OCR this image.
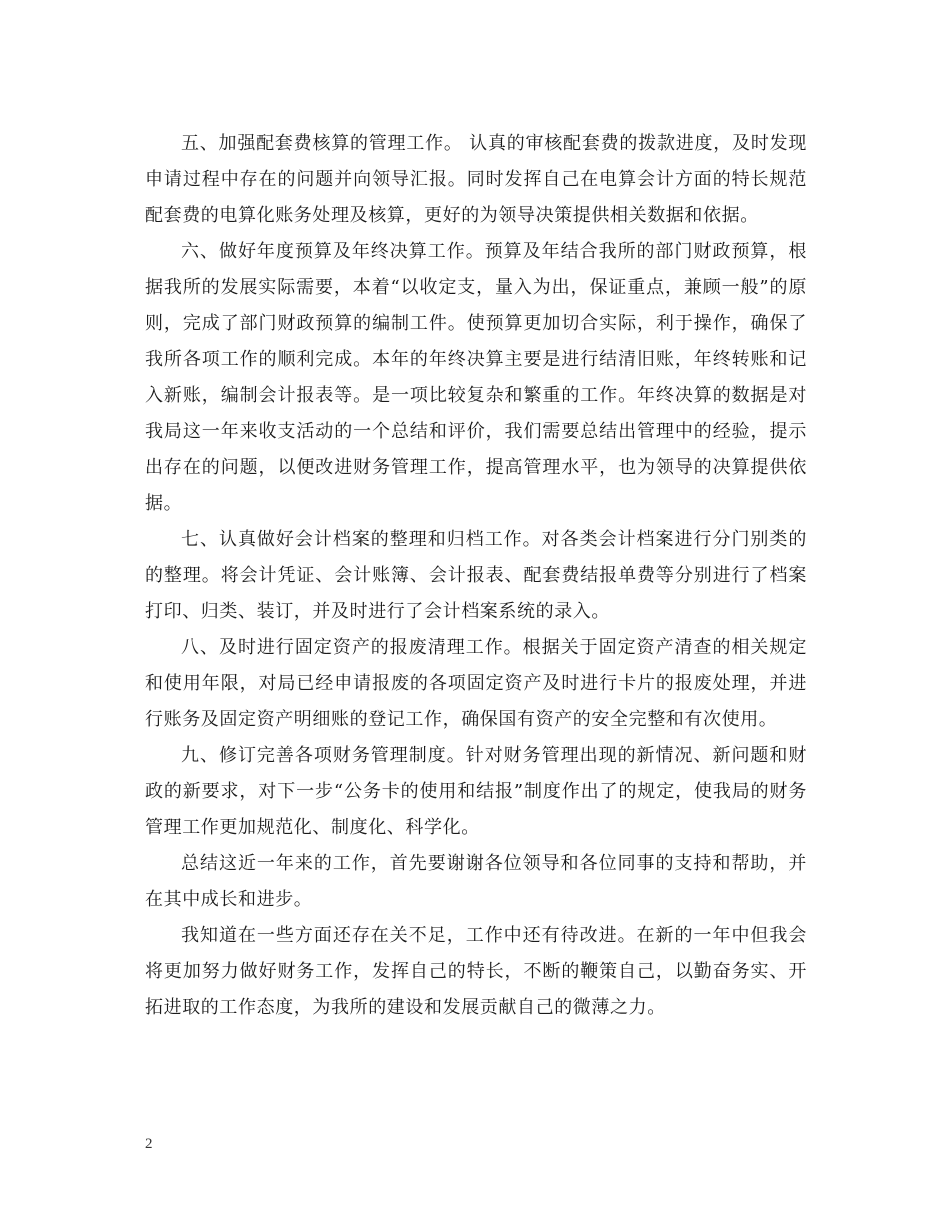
五、加强配套费核算的管理工作。 认真的审核配套费的拨款进度，及时发现申请过程中存在的问题并向领导汇报。同时发挥自己在电算会计方面的特长规范配套费的电算化账务处理及核算，更好的为领导决策提供相关数据和依据。

六、做好年度预算及年终决算工作。预算及年结合我所的部门财政预算，根据我所的发展实际需要，本着“以收定支，量入为出，保证重点，兼顾一般”的原则，完成了部门财政预算的编制工件。使预算更加切合实际，利于操作，确保了我所各项工作的顺利完成。本年的年终决算主要是进行结清旧账，年终转账和记入新账，编制会计报表等。是一项比较复杂和繁重的工作。年终决算的数据是对我局这一年来收支活动的一个总结和评价，我们需要总结出管理中的经验，提示出存在的问题，以便改进财务管理工作，提高管理水平，也为领导的决算提供依据。

七、认真做好会计档案的整理和归档工作。对各类会计档案进行分门别类的的整理。将会计凭证、会计账簿、会计报表、配套费结报单费等分别进行了档案打印、归类、装订，并及时进行了会计档案系统的录入。

八、及时进行固定资产的报废清理工作。根据关于固定资产清查的相关规定和使用年限，对局已经申请报废的各项固定资产及时进行卡片的报废处理，并进行账务及固定资产明细账的登记工作，确保国有资产的安全完整和有次使用。

九、修订完善各项财务管理制度。针对财务管理出现的新情况、新问题和财政的新要求，对下一步“公务卡的使用和结报”制度作出了的规定，使我局的财务管理工作更加规范化、制度化、科学化。

总结这近一年来的工作，首先要谢谢各位领导和各位同事的支持和帮助，并在其中成长和进步。

我知道在一些方面还存在关不足，工作中还有待改进。在新的一年中但我会将更加努力做好财务工作，发挥自己的特长，不断的鞭策自己，以勤奋务实、开拓进取的工作态度，为我所的建设和发展贡献自己的微薄之力。

2
